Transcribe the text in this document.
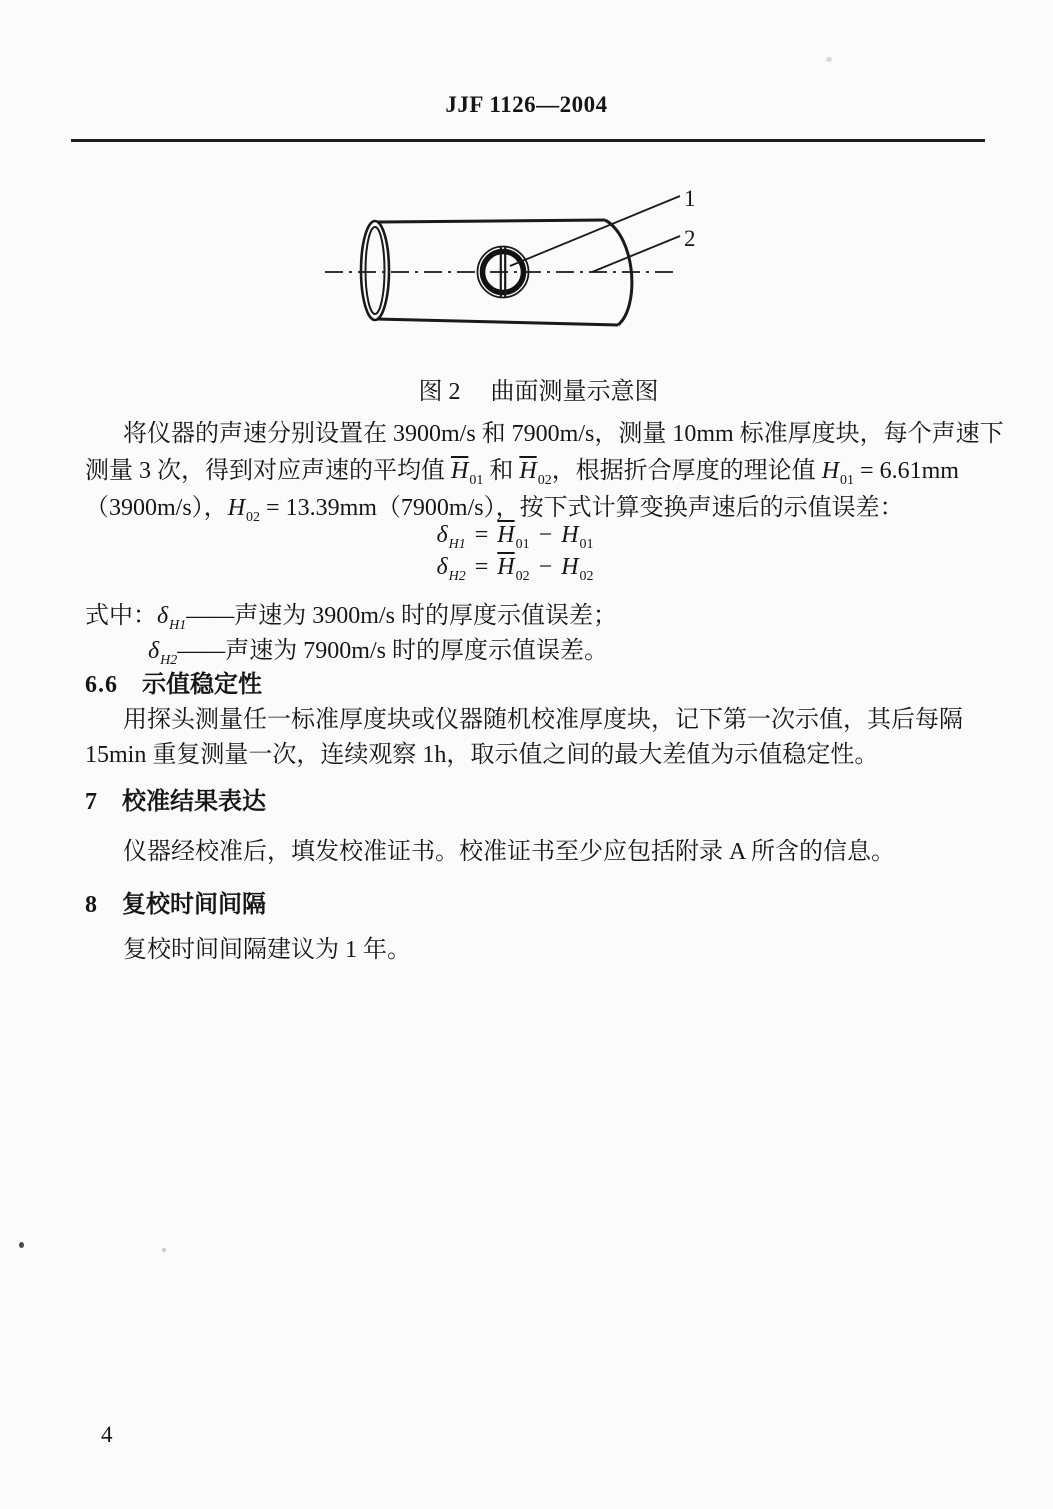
JJF 1126—2004
1
2
图 2 曲面测量示意图
将仪器的声速分别设置在 3900m/s 和 7900m/s，测量 10mm 标准厚度块，每个声速下
测量 3 次，得到对应声速的平均值 $\overline{H}_{01}$ 和 $\overline{H}_{02}$，根据折合厚度的理论值 $H_{01} = 6.61mm$
（3900m/s），$H_{02} = 13.39mm(7900m/s)$，按下式计算变换声速后的示值误差：
$\delta_{H1} = \overline{H}_{01} - H_{01}$
$\delta_{H2} = \overline{H}_{02} - H_{02}$
式中：$\delta_{H1}——$声速为 3900m/s 时的厚度示值误差；
$\delta_{H2}——$声速为 7900m/s 时的厚度示值误差。
6.6 示值稳定性
用探头测量任一标准厚度块或仪器随机校准厚度块，记下第一次示值，其后每隔
15min 重复测量一次，连续观察 1h，取示值之间的最大差值为示值稳定性。
7 校准结果表达
仪器经校准后，填发校准证书。校准证书至少应包括附录 A 所含的信息。
8 复校时间间隔
复校时间间隔建议为 1 年。
4
